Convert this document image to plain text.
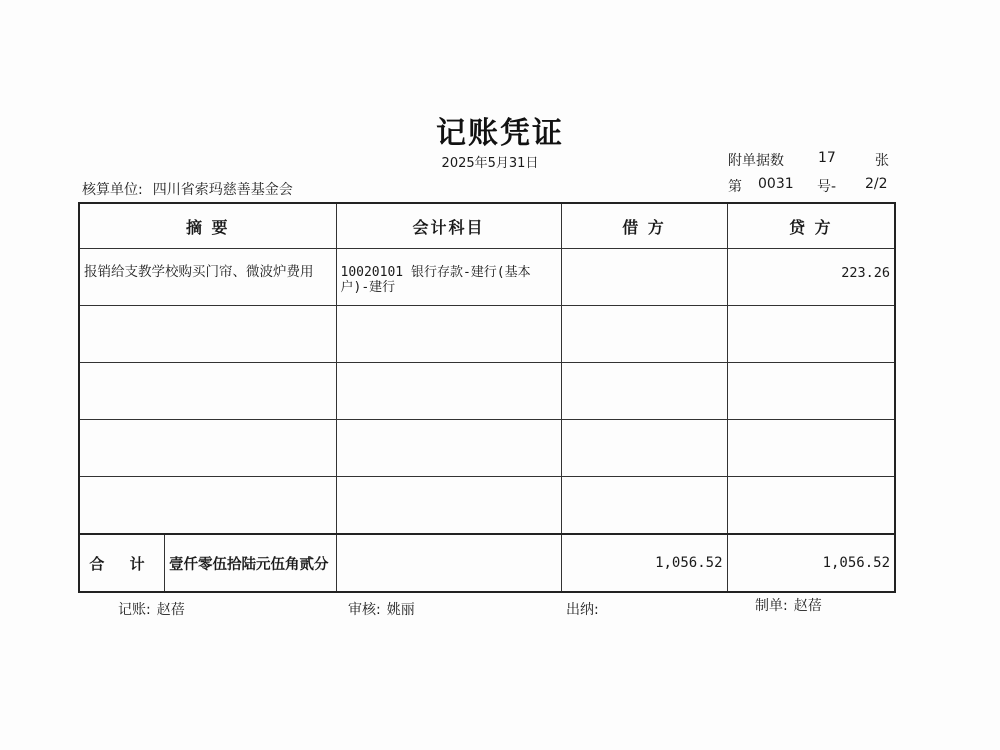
记账凭证
2025年5月31日	附单据数 17	张
核算单位: 四川省索玛慈善基金会	第 0031 号- 2/2
摘 要	会计科目	借 方	贷 方

报销给支教学校购买门帘、微波炉费用	10020101 银行存款-建行(基本户)-建行		223.26

合 计 壹仟零伍拾陆元伍角贰分		1,056.52	1,056.52
记账: 赵蓓	审核: 姚丽	出纳:	制单: 赵蓓
